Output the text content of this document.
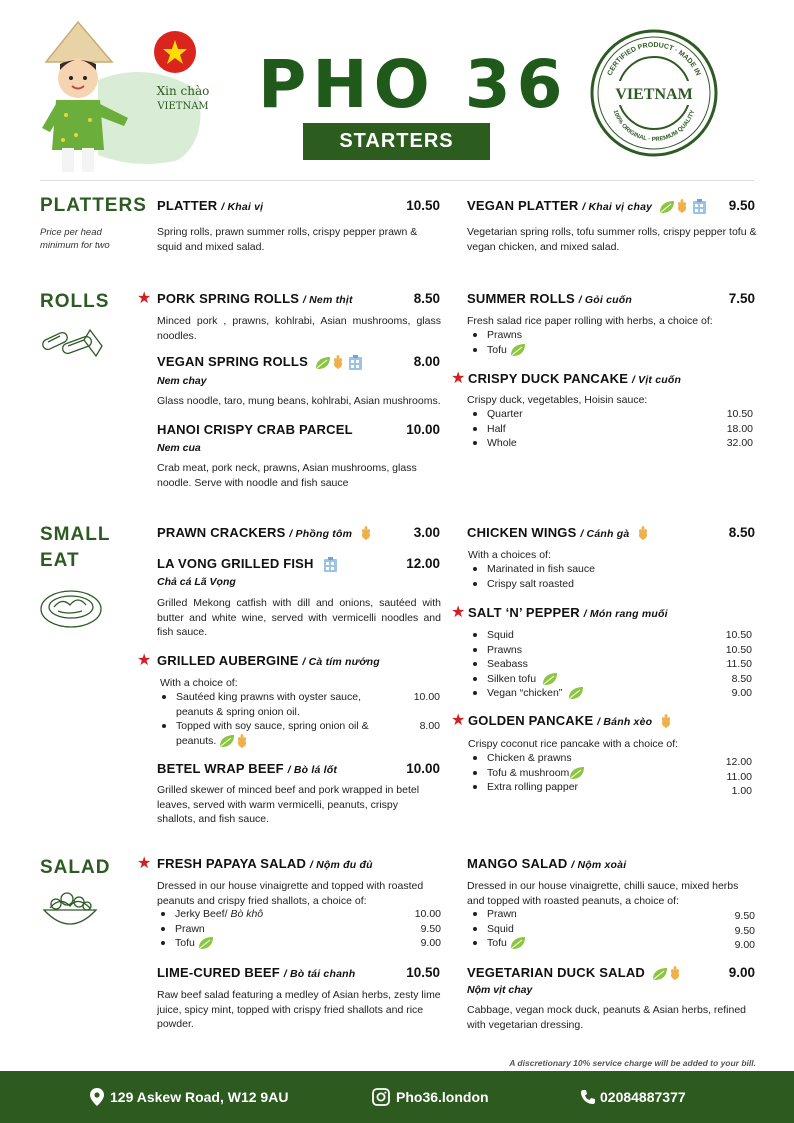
Xin chào
VIETNAM PHO 36
STARTERS
CERTIFIED PRODUCT · MADE IN
100% ORIGINAL · PREMIUM QUALITY
VIETNAM
PLATTERS
Price per head
minimum for two
PLATTER / Khai vị	10.50
Spring rolls, prawn summer rolls, crispy pepper prawn & squid and mixed salad.
VEGAN PLATTER / Khai vị chay	9.50
Vegetarian spring rolls, tofu summer rolls, crispy pepper tofu & vegan chicken, and mixed salad.
ROLLS ★ PORK SPRING ROLLS / Nem thịt	8.50
Minced pork , prawns, kohlrabi, Asian mushrooms, glass noodles.
VEGAN SPRING ROLLS	8.00
Nem chay
Glass noodle, taro, mung beans, kohlrabi, Asian mushrooms.
HANOI CRISPY CRAB PARCEL	10.00
Nem cua
Crab meat, pork neck, prawns, Asian mushrooms, glass noodle. Serve with noodle and fish sauce
SUMMER ROLLS / Gỏi cuốn	7.50
Fresh salad rice paper rolling with herbs, a choice of:
Prawns
Tofu
★ CRISPY DUCK PANCAKE / Vịt cuốn
Crispy duck, vegetables, Hoisin sauce:
Quarter	10.50
Half	18.00
Whole	32.00
SMALL
EAT
PRAWN CRACKERS / Phồng tôm	3.00
LA VONG GRILLED FISH	12.00
Chả cá Lã Vọng
Grilled Mekong catfish with dill and onions, sautéed with butter and white wine, served with vermicelli noodles and fish sauce.
★ GRILLED AUBERGINE / Cà tím nướng
With a choice of:
Sautéed king prawns with oyster sauce,	10.00
peanuts & spring onion oil.
Topped with soy sauce, spring onion oil &	8.00
peanuts.
BETEL WRAP BEEF / Bò lá lốt	10.00
Grilled skewer of minced beef and pork wrapped in betel leaves, served with warm vermicelli, peanuts, crispy shallots, and fish sauce.
CHICKEN WINGS / Cánh gà	8.50
With a choices of:
Marinated in fish sauce
Crispy salt roasted
★ SALT ‘N’ PEPPER / Món rang muối
Squid	10.50
Prawns	10.50
Seabass	11.50
Silken tofu	8.50
Vegan “chicken”	9.00
★ GOLDEN PANCAKE / Bánh xèo
Crispy coconut rice pancake with a choice of:
Chicken & prawns	12.00
Tofu & mushroom	11.00
Extra rolling papper	1.00
SALAD ★ FRESH PAPAYA SALAD / Nộm đu đủ
Dressed in our house vinaigrette and topped with roasted peanuts and crispy fried shallots, a choice of:
Jerky Beef/
Bò khô	10.00
Prawn	9.50
Tofu	9.00
LIME-CURED BEEF / Bò tái chanh	10.50
Raw beef salad featuring a medley of Asian herbs, zesty lime juice, spicy mint, topped with crispy fried shallots and rice powder.
MANGO SALAD / Nộm xoài
Dressed in our house vinaigrette, chilli sauce, mixed herbs and topped with roasted peanuts, a choice of:
Prawn	9.50
Squid	9.50
Tofu	9.00
VEGETARIAN DUCK SALAD	9.00
Nộm vịt chay
Cabbage, vegan mock duck, peanuts & Asian herbs, refined with vegetarian dressing.
A discretionary 10% service charge will be added to your bill.
129 Askew Road, W12 9AU	Pho36.london	02084887377
